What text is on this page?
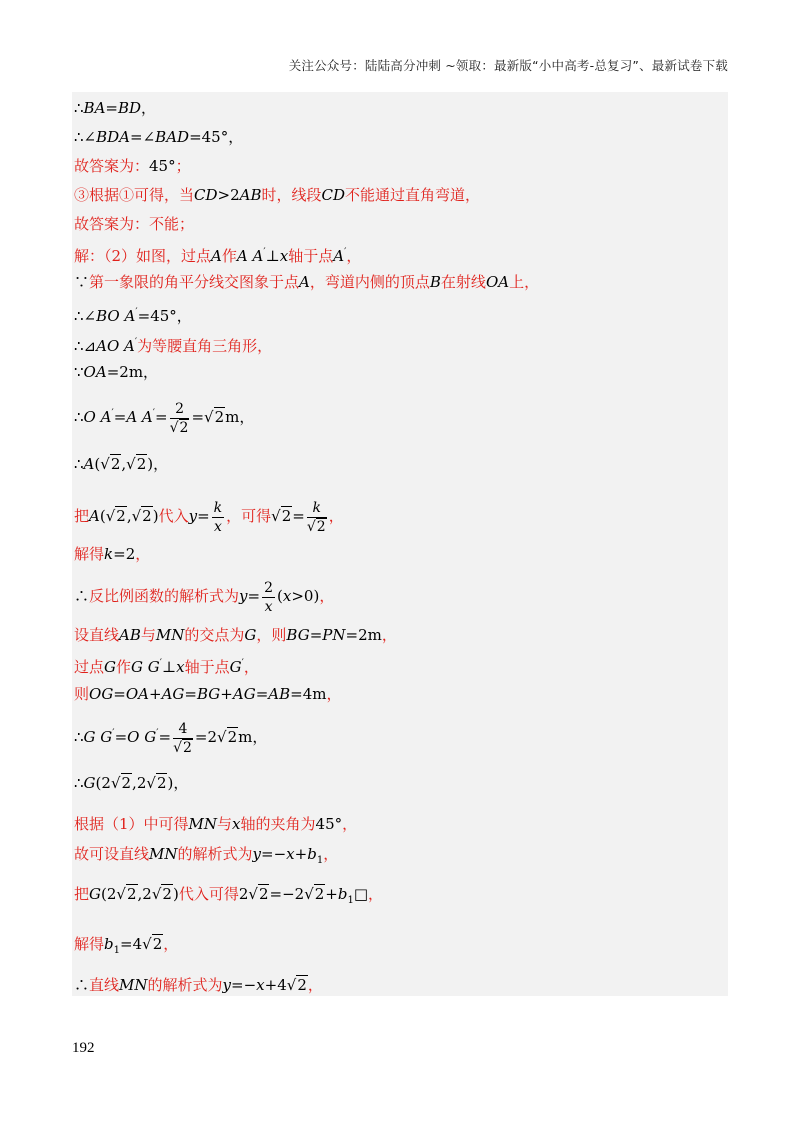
关注公众号：陆陆高分冲刺 ~领取：最新版“小中高考-总复习”、最新试卷下载
∴BA=BD，
∴∠BDA=∠BAD=45°，
故答案为：45°；
③根据①可得，当CD>2AB时，线段CD不能通过直角弯道，
故答案为：不能；
解：（2）如图，过点A作A A′⊥x轴于点A′，
∵第一象限的角平分线交图象于点A，弯道内侧的顶点B在射线OA上，
∴∠BO A′=45°，
∴⊿AO A′为等腰直角三角形，
∵OA=2m，
∴O A′=A $A'= \frac{2}{√2} =√2m$，
∴A(√2,√2)，
把A(√2,√2)代入$y= \frac{k}{x}$ ，可得$√2= \frac{k}{√2}$ ，
解得k=2，
∴反比例函数的解析式为$y= \frac{2}{x} (x>0)$，
设直线AB与MN的交点为G，则BG=PN=2m，
过点G作G G′⊥x轴于点G′，
则OG=OA+AG=BG+AG=AB=4m，
∴G G′=O $G'= \frac{4}{√2} =2√2m$，
∴G(2√2,2√2)，
根据（1）中可得MN与x轴的夹角为45°，
故可设直线MN的解析式为$y=-x+b_1$，
把G(2√2,2√2)代入可得$2√2=-2√2+b_1□$，
解得$b_1=4√2$，
∴直线MN的解析式为y=−x+4√2，
192
